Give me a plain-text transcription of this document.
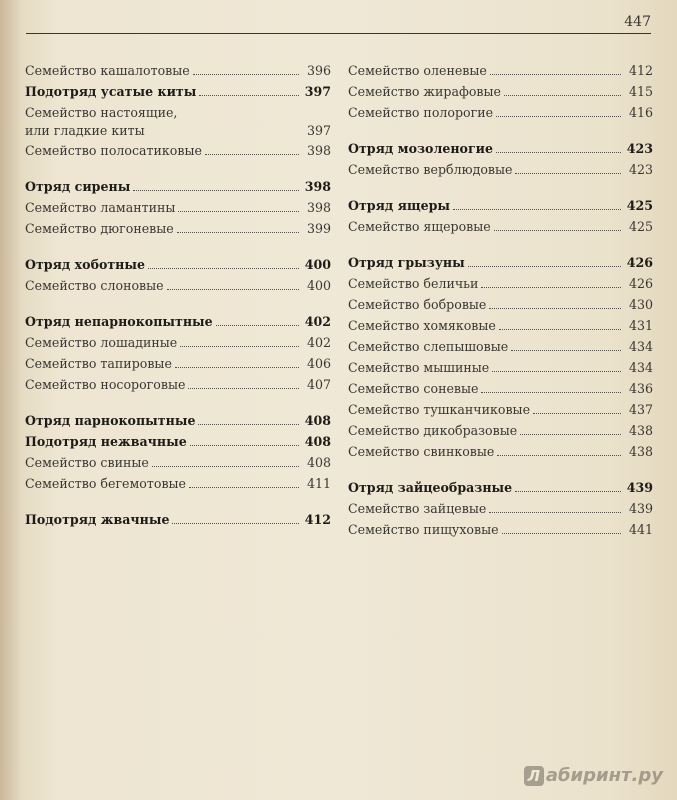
447
Семейство кашалотовые	396
Подотряд усатые киты	397
Семейство настоящие,
или гладкие киты	397
Семейство полосатиковые	398
Отряд сирены	398
Семейство ламантины	398
Семейство дюгоневые	399
Отряд хоботные	400
Семейство слоновые	400
Отряд непарнокопытные	402
Семейство лошадиные	402
Семейство тапировые	406
Семейство носороговые	407
Отряд парнокопытные	408
Подотряд нежвачные	408
Семейство свиные	408
Семейство бегемотовые	411
Подотряд жвачные	412
Семейство оленевые	412
Семейство жирафовые	415
Семейство полорогие	416
Отряд мозоленогие	423
Семейство верблюдовые	423
Отряд ящеры	425
Семейство ящеровые	425
Отряд грызуны	426
Семейство беличьи	426
Семейство бобровые	430
Семейство хомяковые	431
Семейство слепышовые	434
Семейство мышиные	434
Семейство соневые	436
Семейство тушканчиковые	437
Семейство дикобразовые	438
Семейство свинковые	438
Отряд зайцеобразные	439
Семейство зайцевые	439
Семейство пищуховые	441
Л абиринт.ру
